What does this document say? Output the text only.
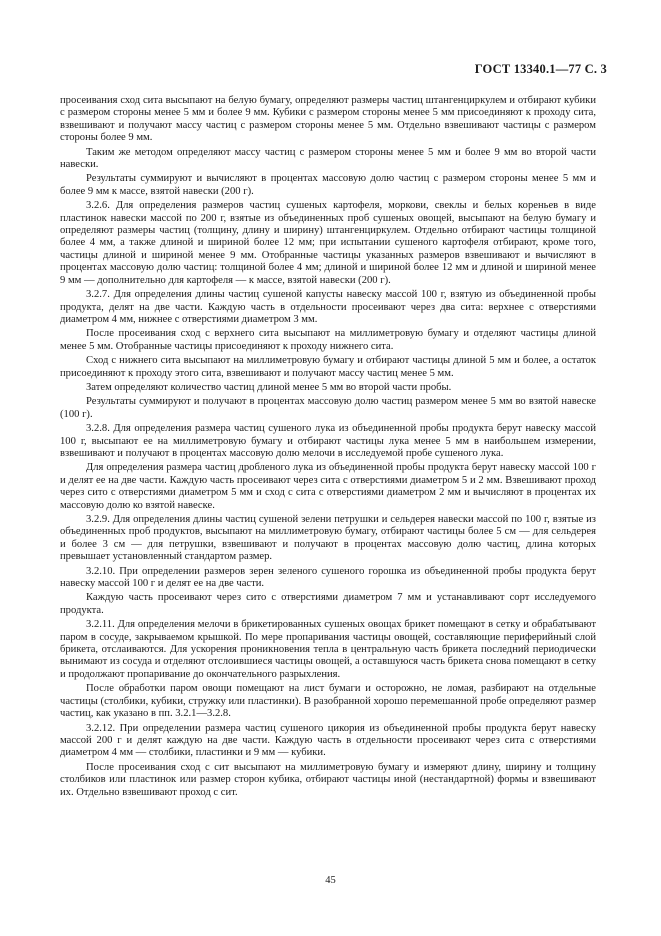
ГОСТ 13340.1—77 С. 3

просеивания сход сита высыпают на белую бумагу, определяют размеры частиц штангенциркулем и отбирают кубики с размером стороны менее 5 мм и более 9 мм. Кубики с размером стороны менее 5 мм присоединяют к проходу сита, взвешивают и получают массу частиц с размером стороны менее 5 мм. Отдельно взвешивают частицы с размером стороны более 9 мм.

Таким же методом определяют массу частиц с размером стороны менее 5 мм и более 9 мм во второй части навески.

Результаты суммируют и вычисляют в процентах массовую долю частиц с размером стороны менее 5 мм и более 9 мм к массе, взятой навески (200 г).

3.2.6. Для определения размеров частиц сушеных картофеля, моркови, свеклы и белых кореньев в виде пластинок навески массой по 200 г, взятые из объединенных проб сушеных овощей, высыпают на белую бумагу и определяют размеры частиц (толщину, длину и ширину) штангенциркулем. Отдельно отбирают частицы толщиной более 4 мм, а также длиной и шириной более 12 мм; при испытании сушеного картофеля отбирают, кроме того, частицы длиной и шириной менее 9 мм. Отобранные частицы указанных размеров взвешивают и вычисляют в процентах массовую долю частиц: толщиной более 4 мм; длиной и шириной более 12 мм и длиной и шириной менее 9 мм — дополнительно для картофеля — к массе, взятой навески (200 г).

3.2.7. Для определения длины частиц сушеной капусты навеску массой 100 г, взятую из объединенной пробы продукта, делят на две части. Каждую часть в отдельности просеивают через два сита: верхнее с отверстиями диаметром 4 мм, нижнее с отверстиями диаметром 3 мм.

После просеивания сход с верхнего сита высыпают на миллиметровую бумагу и отделяют частицы длиной менее 5 мм. Отобранные частицы присоединяют к проходу нижнего сита.

Сход с нижнего сита высыпают на миллиметровую бумагу и отбирают частицы длиной 5 мм и более, а остаток присоединяют к проходу этого сита, взвешивают и получают массу частиц менее 5 мм.

Затем определяют количество частиц длиной менее 5 мм во второй части пробы.

Результаты суммируют и получают в процентах массовую долю частиц размером менее 5 мм во взятой навеске (100 г).

3.2.8. Для определения размера частиц сушеного лука из объединенной пробы продукта берут навеску массой 100 г, высыпают ее на миллиметровую бумагу и отбирают частицы лука менее 5 мм в наибольшем измерении, взвешивают и получают в процентах массовую долю мелочи в исследуемой пробе сушеного лука.

Для определения размера частиц дробленого лука из объединенной пробы продукта берут навеску массой 100 г и делят ее на две части. Каждую часть просеивают через сита с отверстиями диаметром 5 и 2 мм. Взвешивают проход через сито с отверстиями диаметром 5 мм и сход с сита с отверстиями диаметром 2 мм и вычисляют в процентах их массовую долю ко взятой навеске.

3.2.9. Для определения длины частиц сушеной зелени петрушки и сельдерея навески массой по 100 г, взятые из объединенных проб продуктов, высыпают на миллиметровую бумагу, отбирают частицы более 5 см — для сельдерея и более 3 см — для петрушки, взвешивают и получают в процентах массовую долю частиц, длина которых превышает установленный стандартом размер.

3.2.10. При определении размеров зерен зеленого сушеного горошка из объединенной пробы продукта берут навеску массой 100 г и делят ее на две части.

Каждую часть просеивают через сито с отверстиями диаметром 7 мм и устанавливают сорт исследуемого продукта.

3.2.11. Для определения мелочи в брикетированных сушеных овощах брикет помещают в сетку и обрабатывают паром в сосуде, закрываемом крышкой. По мере пропаривания частицы овощей, составляющие периферийный слой брикета, отслаиваются. Для ускорения проникновения тепла в центральную часть брикета последний периодически вынимают из сосуда и отделяют отслоившиеся частицы овощей, а оставшуюся часть брикета снова помещают в сетку и продолжают пропаривание до окончательного разрыхления.

После обработки паром овощи помещают на лист бумаги и осторожно, не ломая, разбирают на отдельные частицы (столбики, кубики, стружку или пластинки). В разобранной хорошо перемешанной пробе определяют размер частиц, как указано в пп. 3.2.1—3.2.8.

3.2.12. При определении размера частиц сушеного цикория из объединенной пробы продукта берут навеску массой 200 г и делят каждую на две части. Каждую часть в отдельности просеивают через сита с отверстиями диаметром 4 мм — столбики, пластинки и 9 мм — кубики.

После просеивания сход с сит высыпают на миллиметровую бумагу и измеряют длину, ширину и толщину столбиков или пластинок или размер сторон кубика, отбирают частицы иной (нестандартной) формы и взвешивают их. Отдельно взвешивают проход с сит.

45
